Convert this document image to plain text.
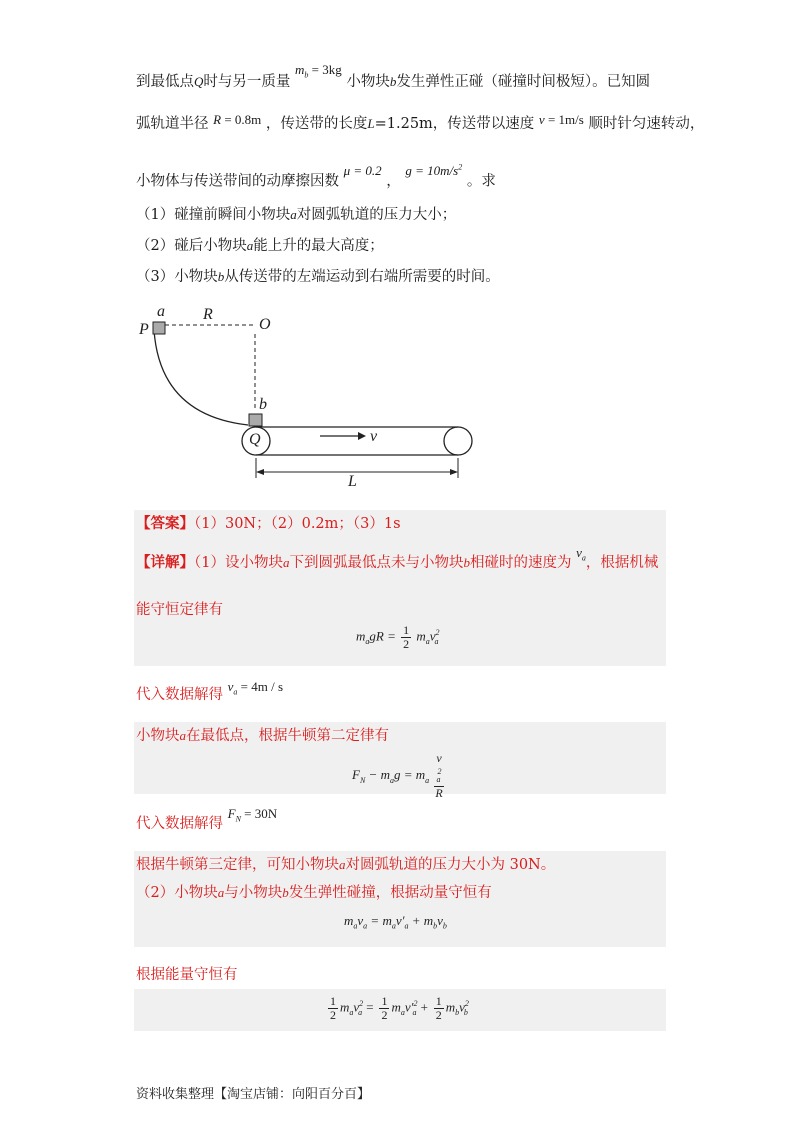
到最低点Q时与另一质量 $m_b = 3kg$ 小物块b发生弹性正碰（碰撞时间极短）。已知圆
弧轨道半径 R = 0.8m ，传送带的长度L=1.25m，传送带以速度 v = 1m/s 顺时针匀速转动，
小物体与传送带间的动摩擦因数 μ = 0.2 ， $g = 10m/s^2$ 。求
（1）碰撞前瞬间小物块a对圆弧轨道的压力大小；
（2）碰后小物块a能上升的最大高度；
（3）小物块b从传送带的左端运动到右端所需要的时间。
a
P
R
O
b
Q	v
L
【答案】（1）30N；（2）0.2m；（3）1s
【详解】（1）设小物块a下到圆弧最低点未与小物块b相碰时的速度为 $v_a$，根据机械
能守恒定律有
$m_agR = \frac{1}{2} m_av^2_a$
代入数据解得 $v_a = 4m / s$
小物块a在最低点，根据牛顿第二定律有
$F_N - m_ag = m_a$ v
$^2_a$
R
代入数据解得 $F_N = 30N$
根据牛顿第三定律，可知小物块a对圆弧轨道的压力大小为 30N。
（2）小物块a与小物块b发生弹性碰撞，根据动量守恒有
$m_av_a = m_av'_a + m_bv_b$
根据能量守恒有
$\frac{1}{2} m_av^2_a = \frac{1}{2} m_av'^2_a + \frac{1}{2} m_bv^2_b$
资料收集整理【淘宝店铺：向阳百分百】
